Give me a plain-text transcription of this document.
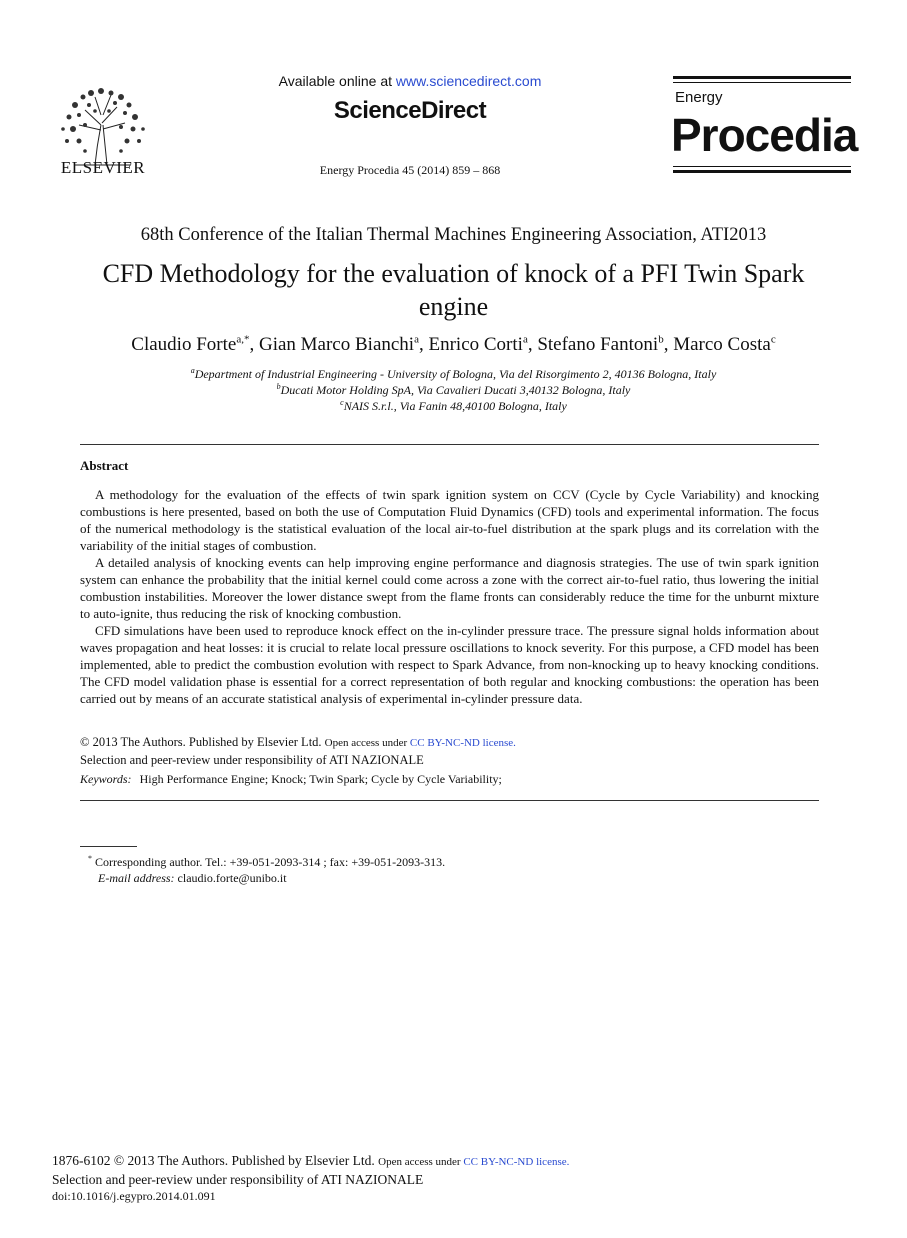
ELSEVIER
Available online at www.sciencedirect.com
ScienceDirect
Energy Procedia 45 (2014) 859 – 868
Energy
Procedia
68th Conference of the Italian Thermal Machines Engineering Association, ATI2013
CFD Methodology for the evaluation of knock of a PFI Twin Spark
engine
Claudio Forte$^{a,*}$, Gian Marco Bianchi$^a$, Enrico Corti$^a$, Stefano Fantoni$^b$, Marco Costa$^c$
$^a$Department of Industrial Engineering - University of Bologna, Via del Risorgimento 2, 40136 Bologna, Italy
$^b$Ducati Motor Holding SpA, Via Cavalieri Ducati 3,40132 Bologna, Italy
$^c$NAIS S.r.l., Via Fanin 48,40100 Bologna, Italy
Abstract

A methodology for the evaluation of the effects of twin spark ignition system on CCV (Cycle by Cycle Variability) and knocking combustions is here presented, based on both the use of Computation Fluid Dynamics (CFD) tools and experimental information. The focus of the numerical methodology is the statistical evaluation of the local air-to-fuel distribution at the spark plugs and its correlation with the variability of the initial stages of combustion.

A detailed analysis of knocking events can help improving engine performance and diagnosis strategies. The use of twin spark ignition system can enhance the probability that the initial kernel could come across a zone with the correct air-to-fuel ratio, thus lowering the initial combustion instabilities. Moreover the lower distance swept from the flame fronts can considerably reduce the time for the unburnt mixture to auto-ignite, thus reducing the risk of knocking combustion.

CFD simulations have been used to reproduce knock effect on the in-cylinder pressure trace. The pressure signal holds information about waves propagation and heat losses: it is crucial to relate local pressure oscillations to knock severity. For this purpose, a CFD model has been implemented, able to predict the combustion evolution with respect to Spark Advance, from non-knocking up to heavy knocking conditions. The CFD model validation phase is essential for a correct representation of both regular and knocking combustions: the operation has been carried out by means of an accurate statistical analysis of experimental in-cylinder pressure data.

© 2013 The Authors. Published by Elsevier Ltd. Open access under CC BY-NC-ND license.
Selection and peer-review under responsibility of ATI NAZIONALE
Keywords: High Performance Engine; Knock; Twin Spark; Cycle by Cycle Variability;
* Corresponding author. Tel.: +39-051-2093-314 ; fax: +39-051-2093-313.
E-mail address: claudio.forte@unibo.it
1876-6102 © 2013 The Authors. Published by Elsevier Ltd. Open access under CC BY-NC-ND license.
Selection and peer-review under responsibility of ATI NAZIONALE
doi:10.1016/j.egypro.2014.01.091
